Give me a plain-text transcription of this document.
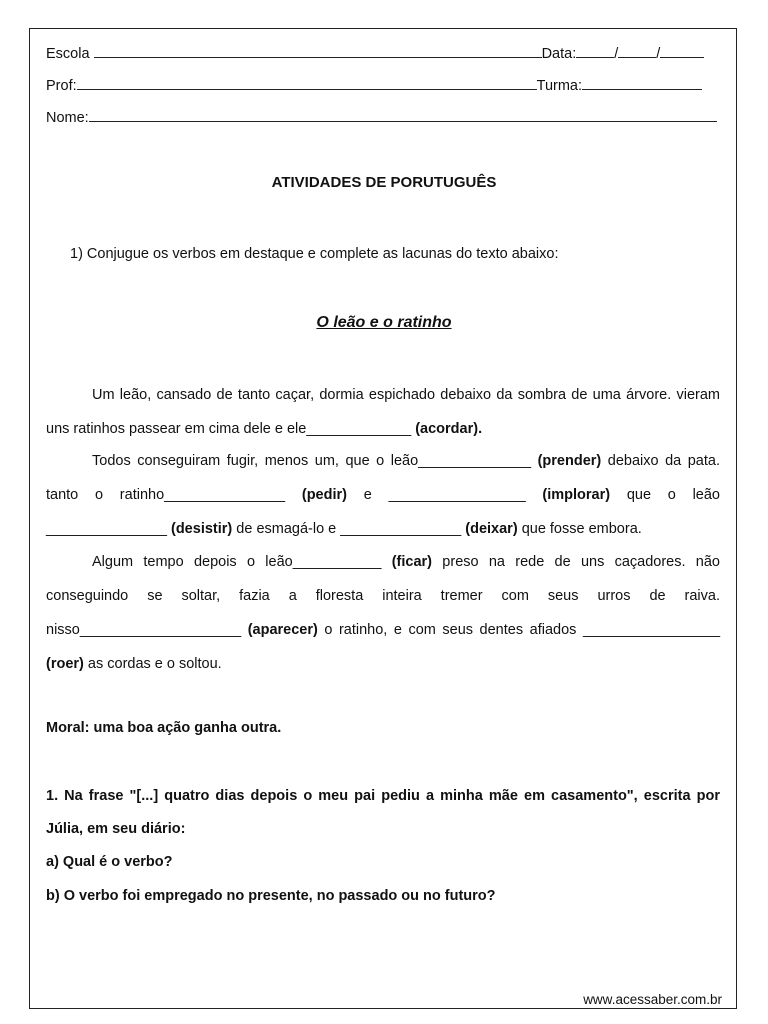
Escola	Data:	/	/
Prof:	Turma:
Nome:
ATIVIDADES DE PORUTUGUÊS
1) Conjugue os verbos em destaque e complete as lacunas do texto abaixo:
O leão e o ratinho

Um leão, cansado de tanto caçar, dormia espichado debaixo da sombra de uma árvore. vieram uns ratinhos passear em cima dele e ele_____________ (acordar).

Todos conseguiram fugir, menos um, que o leão______________ (prender) debaixo da pata. tanto o ratinho_______________ (pedir) e _________________ (implorar) que o leão _______________ (desistir) de esmagá-lo e _______________ (deixar) que fosse embora.

Algum tempo depois o leão___________ (ficar) preso na rede de uns caçadores. não conseguindo se soltar, fazia a floresta inteira tremer com seus urros de raiva. nisso____________________ (aparecer) o ratinho, e com seus dentes afiados _________________ (roer) as cordas e o soltou.

Moral: uma boa ação ganha outra.

1. Na frase "[...] quatro dias depois o meu pai pediu a minha mãe em casamento", escrita por Júlia, em seu diário:

a) Qual é o verbo?

b) O verbo foi empregado no presente, no passado ou no futuro?

www.acessaber.com.br
